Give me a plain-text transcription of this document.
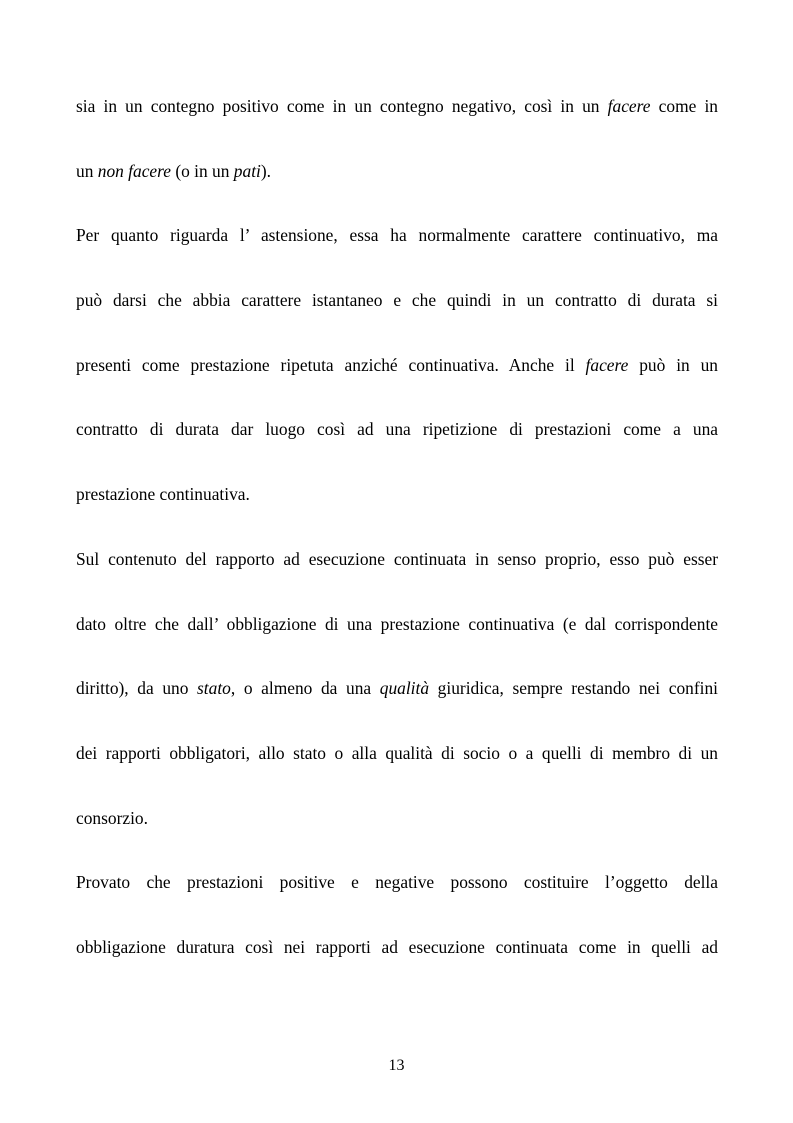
sia in un contegno positivo come in un contegno negativo, così in un facere come in
un non facere (o in un pati).
Per quanto riguarda l’ astensione, essa ha normalmente carattere continuativo, ma
può darsi che abbia carattere istantaneo e che quindi in un contratto di durata si
presenti come prestazione ripetuta anziché continuativa. Anche il facere può in un
contratto di durata dar luogo così ad una ripetizione di prestazioni come a una
prestazione continuativa.
Sul contenuto del rapporto ad esecuzione continuata in senso proprio, esso può esser
dato oltre che dall’ obbligazione di una prestazione continuativa (e dal corrispondente
diritto), da uno stato, o almeno da una qualità giuridica, sempre restando nei confini
dei rapporti obbligatori, allo stato o alla qualità di socio o a quelli di membro di un
consorzio.
Provato che prestazioni positive e negative possono costituire l’oggetto della
obbligazione duratura così nei rapporti ad esecuzione continuata come in quelli ad
13
